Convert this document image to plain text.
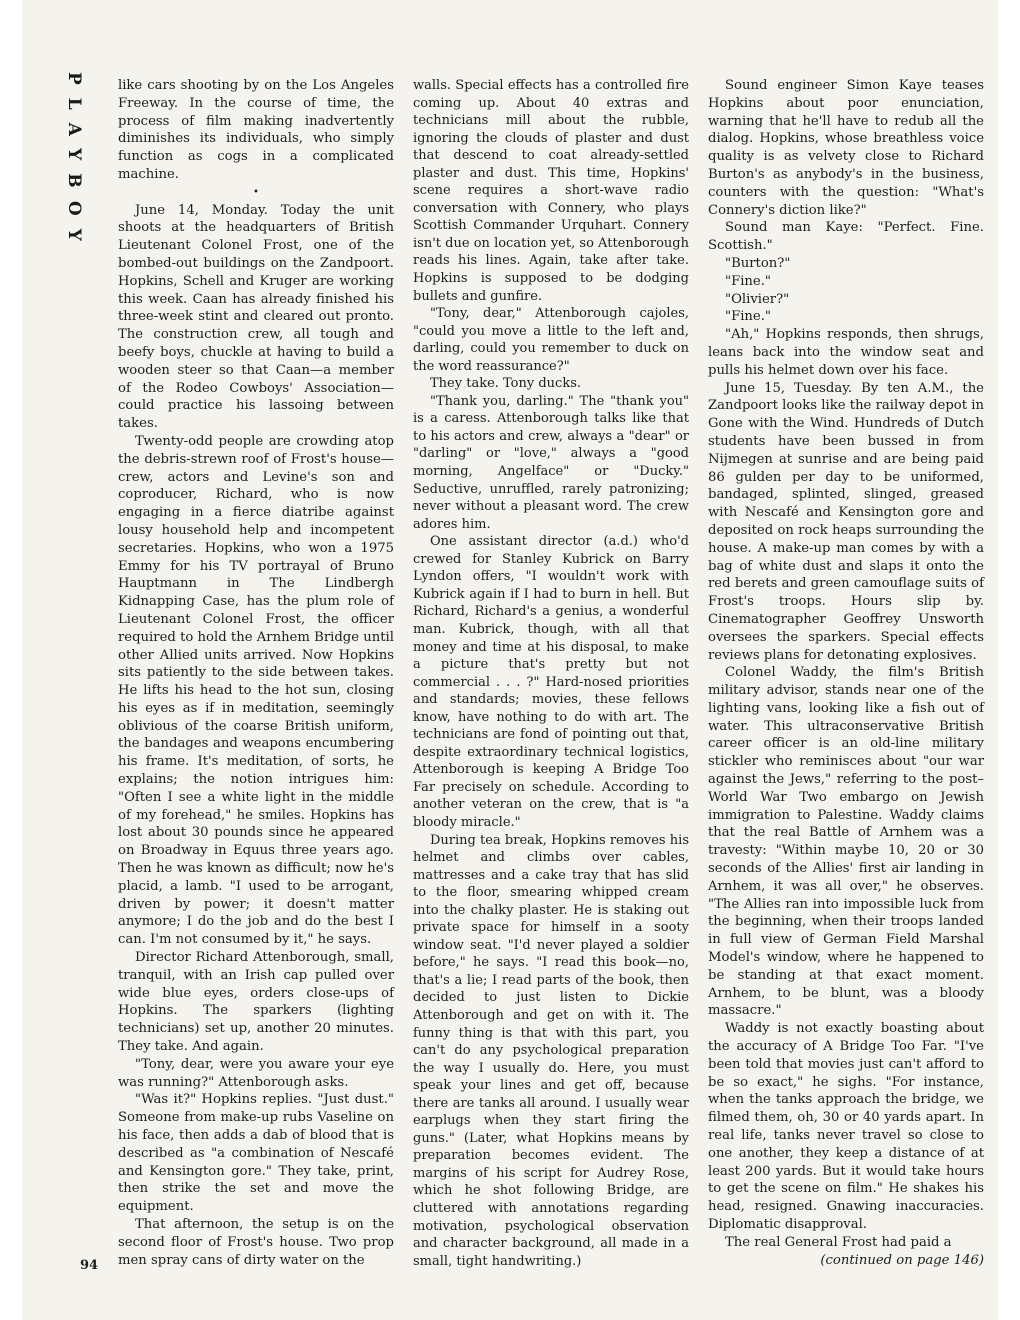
PLAYBOY	like cars shooting by on the Los Angeles Freeway. In the course of time, the process of film making inadvertently diminishes its individuals, who simply function as cogs in a complicated machine.

•

June 14, Monday. Today the unit shoots at the headquarters of British Lieutenant Colonel Frost, one of the bombed-out buildings on the Zandpoort. Hopkins, Schell and Kruger are working this week. Caan has already finished his three-week stint and cleared out pronto. The construction crew, all tough and beefy boys, chuckle at having to build a wooden steer so that Caan—a member of the Rodeo Cowboys' Association—could practice his lassoing between takes.

Twenty-odd people are crowding atop the debris-strewn roof of Frost's house—crew, actors and Levine's son and coproducer, Richard, who is now engaging in a fierce diatribe against lousy household help and incompetent secretaries. Hopkins, who won a 1975 Emmy for his TV portrayal of Bruno Hauptmann in The Lindbergh Kidnapping Case, has the plum role of Lieutenant Colonel Frost, the officer required to hold the Arnhem Bridge until other Allied units arrived. Now Hopkins sits patiently to the side between takes. He lifts his head to the hot sun, closing his eyes as if in meditation, seemingly oblivious of the coarse British uniform, the bandages and weapons encumbering his frame. It's meditation, of sorts, he explains; the notion intrigues him: "Often I see a white light in the middle of my forehead," he smiles. Hopkins has lost about 30 pounds since he appeared on Broadway in Equus three years ago. Then he was known as difficult; now he's placid, a lamb. "I used to be arrogant, driven by power; it doesn't matter anymore; I do the job and do the best I can. I'm not consumed by it," he says.

Director Richard Attenborough, small, tranquil, with an Irish cap pulled over wide blue eyes, orders close-ups of Hopkins. The sparkers (lighting technicians) set up, another 20 minutes. They take. And again.

"Tony, dear, were you aware your eye was running?" Attenborough asks.

"Was it?" Hopkins replies. "Just dust." Someone from make-up rubs Vaseline on his face, then adds a dab of blood that is described as "a combination of Nescafé and Kensington gore." They take, print, then strike the set and move the equipment.

That afternoon, the setup is on the second floor of Frost's house. Two prop men spray cans of dirty water on the

walls. Special effects has a controlled fire coming up. About 40 extras and technicians mill about the rubble, ignoring the clouds of plaster and dust that descend to coat already-settled plaster and dust. This time, Hopkins' scene requires a short-wave radio conversation with Connery, who plays Scottish Commander Urquhart. Connery isn't due on location yet, so Attenborough reads his lines. Again, take after take. Hopkins is supposed to be dodging bullets and gunfire.

"Tony, dear," Attenborough cajoles, "could you move a little to the left and, darling, could you remember to duck on the word reassurance?"

They take. Tony ducks.

"Thank you, darling." The "thank you" is a caress. Attenborough talks like that to his actors and crew, always a "dear" or "darling" or "love," always a "good morning, Angelface" or "Ducky." Seductive, unruffled, rarely patronizing; never without a pleasant word. The crew adores him.

One assistant director (a.d.) who'd crewed for Stanley Kubrick on Barry Lyndon offers, "I wouldn't work with Kubrick again if I had to burn in hell. But Richard, Richard's a genius, a wonderful man. Kubrick, though, with all that money and time at his disposal, to make a picture that's pretty but not commercial . . . ?" Hard-nosed priorities and standards; movies, these fellows know, have nothing to do with art. The technicians are fond of pointing out that, despite extraordinary technical logistics, Attenborough is keeping A Bridge Too Far precisely on schedule. According to another veteran on the crew, that is "a bloody miracle."

During tea break, Hopkins removes his helmet and climbs over cables, mattresses and a cake tray that has slid to the floor, smearing whipped cream into the chalky plaster. He is staking out private space for himself in a sooty window seat. "I'd never played a soldier before," he says. "I read this book—no, that's a lie; I read parts of the book, then decided to just listen to Dickie Attenborough and get on with it. The funny thing is that with this part, you can't do any psychological preparation the way I usually do. Here, you must speak your lines and get off, because there are tanks all around. I usually wear earplugs when they start firing the guns." (Later, what Hopkins means by preparation becomes evident. The margins of his script for Audrey Rose, which he shot following Bridge, are cluttered with annotations regarding motivation, psychological observation and character background, all made in a small, tight handwriting.)

Sound engineer Simon Kaye teases Hopkins about poor enunciation, warning that he'll have to redub all the dialog. Hopkins, whose breathless voice quality is as velvety close to Richard Burton's as anybody's in the business, counters with the question: "What's Connery's diction like?"

Sound man Kaye: "Perfect. Fine. Scottish."

"Burton?"

"Fine."

"Olivier?"

"Fine."

"Ah," Hopkins responds, then shrugs, leans back into the window seat and pulls his helmet down over his face.

June 15, Tuesday. By ten A.M., the Zandpoort looks like the railway depot in Gone with the Wind. Hundreds of Dutch students have been bussed in from Nijmegen at sunrise and are being paid 86 gulden per day to be uniformed, bandaged, splinted, slinged, greased with Nescafé and Kensington gore and deposited on rock heaps surrounding the house. A make-up man comes by with a bag of white dust and slaps it onto the red berets and green camouflage suits of Frost's troops. Hours slip by. Cinematographer Geoffrey Unsworth oversees the sparkers. Special effects reviews plans for detonating explosives.

Colonel Waddy, the film's British military advisor, stands near one of the lighting vans, looking like a fish out of water. This ultraconservative British career officer is an old-line military stickler who reminisces about "our war against the Jews," referring to the post–World War Two embargo on Jewish immigration to Palestine. Waddy claims that the real Battle of Arnhem was a travesty: "Within maybe 10, 20 or 30 seconds of the Allies' first air landing in Arnhem, it was all over," he observes. "The Allies ran into impossible luck from the beginning, when their troops landed in full view of German Field Marshal Model's window, where he happened to be standing at that exact moment. Arnhem, to be blunt, was a bloody massacre."

Waddy is not exactly boasting about the accuracy of A Bridge Too Far. "I've been told that movies just can't afford to be so exact," he sighs. "For instance, when the tanks approach the bridge, we filmed them, oh, 30 or 40 yards apart. In real life, tanks never travel so close to one another, they keep a distance of at least 200 yards. But it would take hours to get the scene on film." He shakes his head, resigned. Gnawing inaccuracies. Diplomatic disapproval.

The real General Frost had paid a

(continued on page 146)

94
